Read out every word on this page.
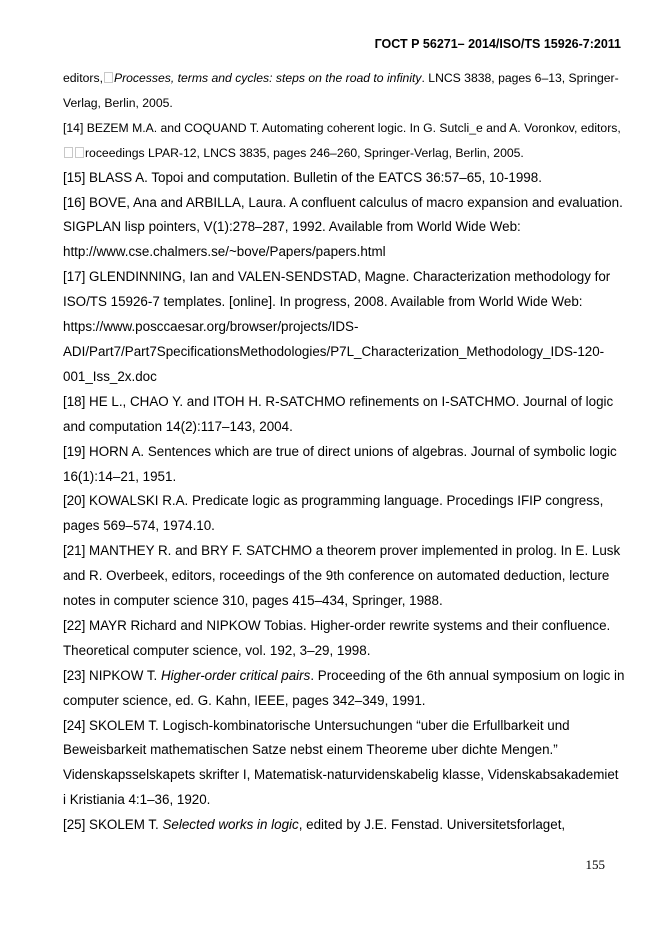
ГОСТ Р 56271– 2014/ISO/TS 15926-7:2011

editors, Processes, terms and cycles: steps on the road to infinity. LNCS 3838, pages 6–13, Springer-Verlag, Berlin, 2005.

[14] BEZEM M.A. and COQUAND T. Automating coherent logic. In G. Sutcli_e and A. Voronkov, editors,roceedings LPAR-12, LNCS 3835, pages 246–260, Springer-Verlag, Berlin, 2005.

[15] BLASS A. Topoi and computation. Bulletin of the EATCS 36:57–65, 10-1998.

[16] BOVE, Ana and ARBILLA, Laura. A confluent calculus of macro expansion and evaluation. SIGPLAN lisp pointers, V(1):278–287, 1992. Available from World Wide Web: http://www.cse.chalmers.se/~bove/Papers/papers.html

[17] GLENDINNING, Ian and VALEN-SENDSTAD, Magne. Characterization methodology for ISO/TS 15926-7 templates. [online]. In progress, 2008. Available from World Wide Web: https://www.posccaesar.org/browser/projects/IDS-ADI/Part7/Part7SpecificationsMethodologies/P7L_Characterization_Methodology_IDS-120-001_Iss_2x.doc

[18] HE L., CHAO Y. and ITOH H. R-SATCHMO refinements on I-SATCHMO. Journal of logic and computation 14(2):117–143, 2004.

[19] HORN A. Sentences which are true of direct unions of algebras. Journal of symbolic logic 16(1):14–21, 1951.

[20] KOWALSKI R.A. Predicate logic as programming language. Procedings IFIP congress, pages 569–574, 1974.10.

[21] MANTHEY R. and BRY F. SATCHMO a theorem prover implemented in prolog. In E. Lusk and R. Overbeek, editors, roceedings of the 9th conference on automated deduction, lecture notes in computer science 310, pages 415–434, Springer, 1988.

[22] MAYR Richard and NIPKOW Tobias. Higher-order rewrite systems and their confluence. Theoretical computer science, vol. 192, 3–29, 1998.

[23] NIPKOW T. Higher-order critical pairs. Proceeding of the 6th annual symposium on logic in computer science, ed. G. Kahn, IEEE, pages 342–349, 1991.

[24] SKOLEM T. Logisch-kombinatorische Untersuchungen “uber die Erfullbarkeit und Beweisbarkeit mathematischen Satze nebst einem Theoreme uber dichte Mengen.” Videnskapsselskapets skrifter I, Matematisk-naturvidenskabelig klasse, Videnskabsakademiet i Kristiania 4:1–36, 1920.

[25] SKOLEM T. Selected works in logic, edited by J.E. Fenstad. Universitetsforlaget,

155
